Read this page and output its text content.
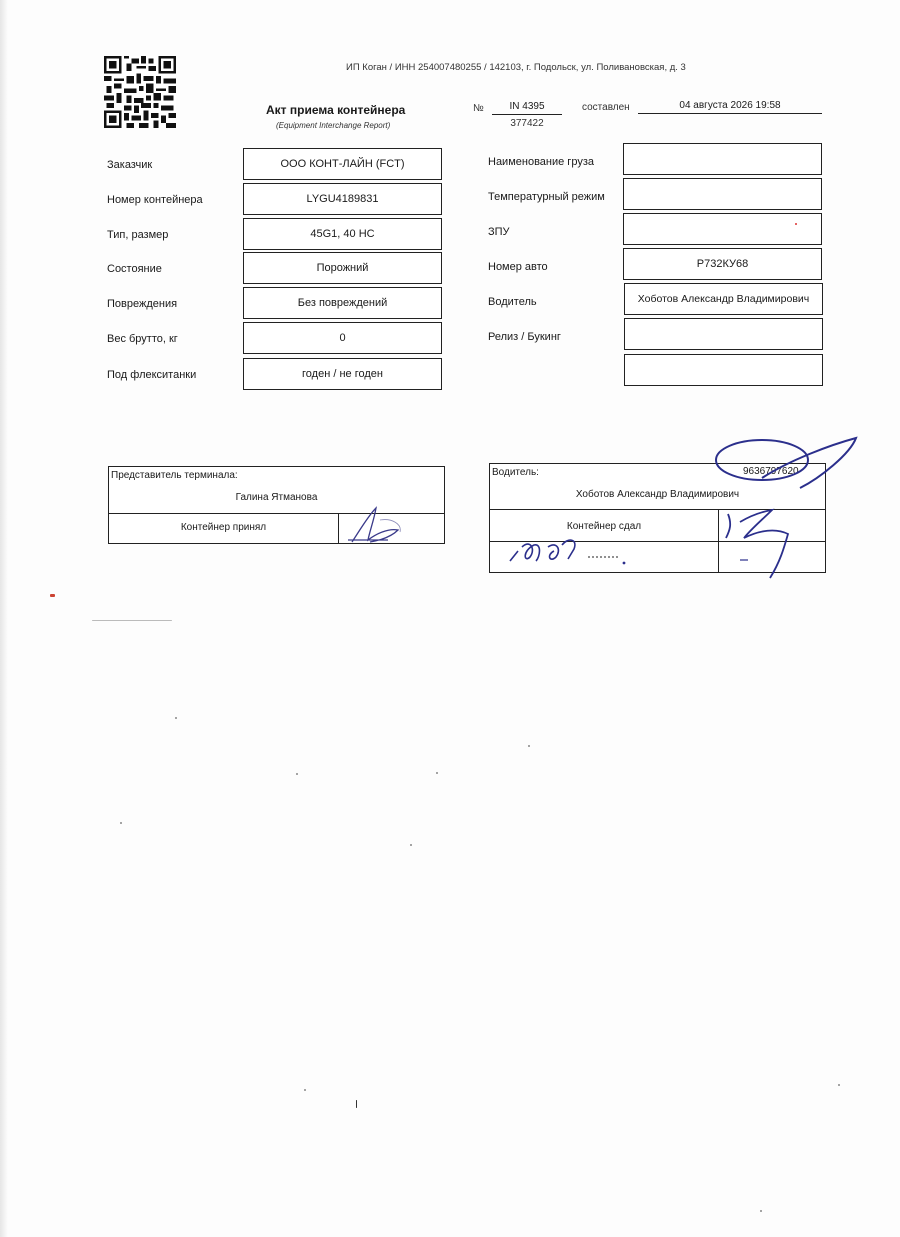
ИП Коган / ИНН 254007480255 / 142103, г. Подольск, ул. Поливановская, д. 3
Акт приема контейнера
(Equipment Interchange Report)
№	IN 4395
377422
составлен	04 августа 2026 19:58
Заказчик	ООО КОНТ-ЛАЙН (FCT)
Номер контейнера	LYGU4189831
Тип, размер	45G1, 40 HC
Состояние	Порожний
Повреждения	Без повреждений
Вес брутто, кг	0
Под флекситанки	годен / не годен
Наименование груза
Температурный режим
ЗПУ
Номер авто	Р732КУ68
Водитель	Хоботов Александр Владимирович
Релиз / Букинг
Представитель терминала:
Галина Ятманова
Контейнер принял
Водитель:	9636797620
Хоботов Александр Владимирович
Контейнер сдал
